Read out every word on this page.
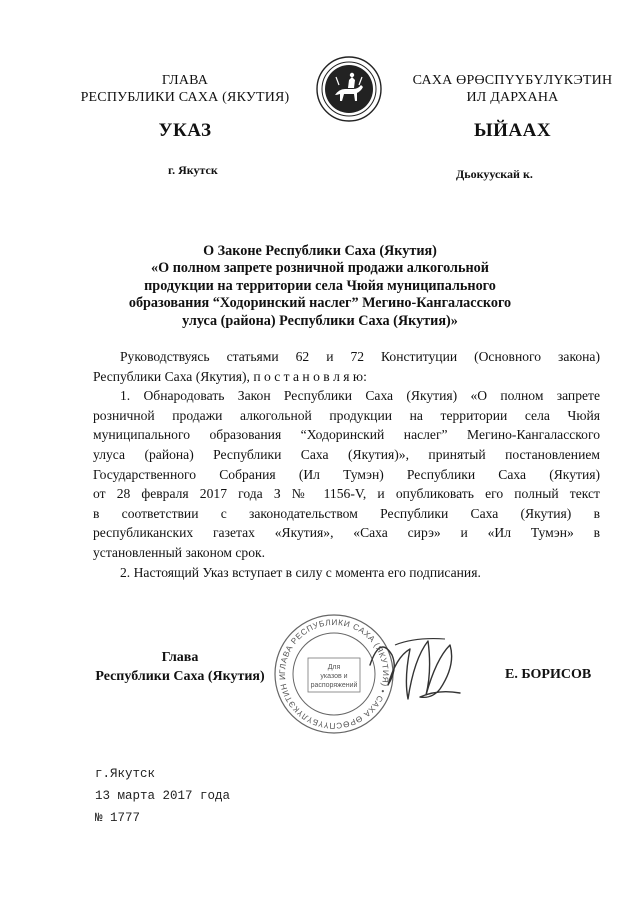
ГЛАВА
РЕСПУБЛИКИ САХА (ЯКУТИЯ)
САХА ӨРӨСПҮҮБҮЛҮКЭТИН
ИЛ ДАРХАНА
УКАЗ	ЫЙААХ
г. Якутск	Дьокуускай к.
О Законе Республики Саха (Якутия)
«О полном запрете розничной продажи алкогольной
продукции на территории села Чюйя муниципального
образования “Ходоринский наслег” Мегино-Кангаласского
улуса (района) Республики Саха (Якутия)»

Руководствуясь статьями 62 и 72 Конституции (Основного закона)

Республики Саха (Якутия), п о с т а н о в л я ю:

1. Обнародовать Закон Республики Саха (Якутия) «О полном запрете

розничной продажи алкогольной продукции на территории села Чюйя

муниципального образования “Ходоринский наслег” Мегино-Кангаласского

улуса (района) Республики Саха (Якутия)», принятый постановлением

Государственного Собрания (Ил Тумэн) Республики Саха (Якутия)

от 28 февраля 2017 года З № 1156-V, и опубликовать его полный текст

в соответствии с законодательством Республики Саха (Якутия) в

республиканских газетах «Якутия», «Саха сирэ» и «Ил Тумэн» в

установленный законом срок.

2. Настоящий Указ вступает в силу с момента его подписания.

Глава
Республики Саха (Якутия)	ГЛАВА РЕСПУБЛИКИ САХА (ЯКУТИЯ) • САХА ӨРӨСПҮҮБҮЛҮКЭТИН И
Для
указов и
распоряжений
Е. БОРИСОВ
г.Якутск
13 марта 2017 года
№ 1777
